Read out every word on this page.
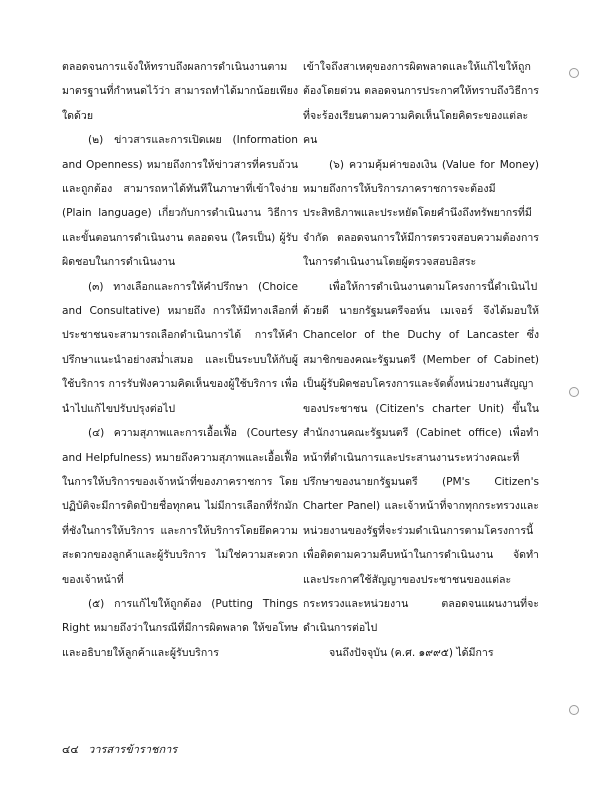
ตลอดจนการแจ้งให้ทราบถึงผลการดำเนินงานตามมาตรฐานที่กำหนดไว้ว่า สามารถทำได้มากน้อยเพียงใดด้วย

(๒) ข่าวสารและการเปิดเผย (Information and Openness) หมายถึงการให้ข่าวสารที่ครบถ้วนและถูกต้อง สามารถหาได้ทันทีในภาษาที่เข้าใจง่าย (Plain language) เกี่ยวกับการดำเนินงาน วิธีการและขั้นตอนการดำเนินงาน ตลอดจน (ใครเป็น) ผู้รับผิดชอบในการดำเนินงาน

(๓) ทางเลือกและการให้คำปรึกษา (Choice and Consultative) หมายถึง การให้มีทางเลือกที่ประชาชนจะสามารถเลือกดำเนินการได้ การให้คำปรึกษาแนะนำอย่างสม่ำเสมอ และเป็นระบบให้กับผู้ใช้บริการ การรับฟังความคิดเห็นของผู้ใช้บริการ เพื่อนำไปแก้ไขปรับปรุงต่อไป

(๔) ความสุภาพและการเอื้อเฟื้อ (Courtesy and Helpfulness) หมายถึงความสุภาพและเอื้อเฟื้อในการให้บริการของเจ้าหน้าที่ของภาคราชการ โดยปฏิบัติจะมีการติดป้ายชื่อทุกคน ไม่มีการเลือกที่รักมักที่ชังในการให้บริการ และการให้บริการโดยยึดความสะดวกของลูกค้าและผู้รับบริการ ไม่ใช่ความสะดวกของเจ้าหน้าที่

(๕) การแก้ไขให้ถูกต้อง (Putting Things Right หมายถึงว่าในกรณีที่มีการผิดพลาด ให้ขอโทษและอธิบายให้ลูกค้าและผู้รับบริการ

เข้าใจถึงสาเหตุของการผิดพลาดและให้แก้ไขให้ถูกต้องโดยด่วน ตลอดจนการประกาศให้ทราบถึงวิธีการที่จะร้องเรียนตามความคิดเห็นโดยคิดระของแต่ละคน

(๖) ความคุ้มค่าของเงิน (Value for Money) หมายถึงการให้บริการภาคราชการจะต้องมีประสิทธิภาพและประหยัดโดยคำนึงถึงทรัพยากรที่มีจำกัด ตลอดจนการให้มีการตรวจสอบความต้องการในการดำเนินงานโดยผู้ตรวจสอบอิสระ

เพื่อให้การดำเนินงานตามโครงการนี้ดำเนินไปด้วยดี นายกรัฐมนตรีจอห์น เมเจอร์ จึงได้มอบให้ Chancelor of the Duchy of Lancaster ซึ่งสมาชิกของคณะรัฐมนตรี (Member of Cabinet) เป็นผู้รับผิดชอบโครงการและจัดตั้งหน่วยงานสัญญาของประชาชน (Citizen's charter Unit) ขึ้นในสำนักงานคณะรัฐมนตรี (Cabinet office) เพื่อทำหน้าที่ดำเนินการและประสานงานระหว่างคณะที่ปรึกษาของนายกรัฐมนตรี (PM's Citizen's Charter Panel) และเจ้าหน้าที่จากทุกกระทรวงและหน่วยงานของรัฐที่จะร่วมดำเนินการตามโครงการนี้ เพื่อติดตามความคืบหน้าในการดำเนินงาน จัดทำและประกาศใช้สัญญาของประชาชนของแต่ละกระทรวงและหน่วยงาน ตลอดจนแผนงานที่จะดำเนินการต่อไป

จนถึงปัจจุบัน (ค.ศ. ๑๙๙๕) ได้มีการ

๔๔ วารสารข้าราชการ
